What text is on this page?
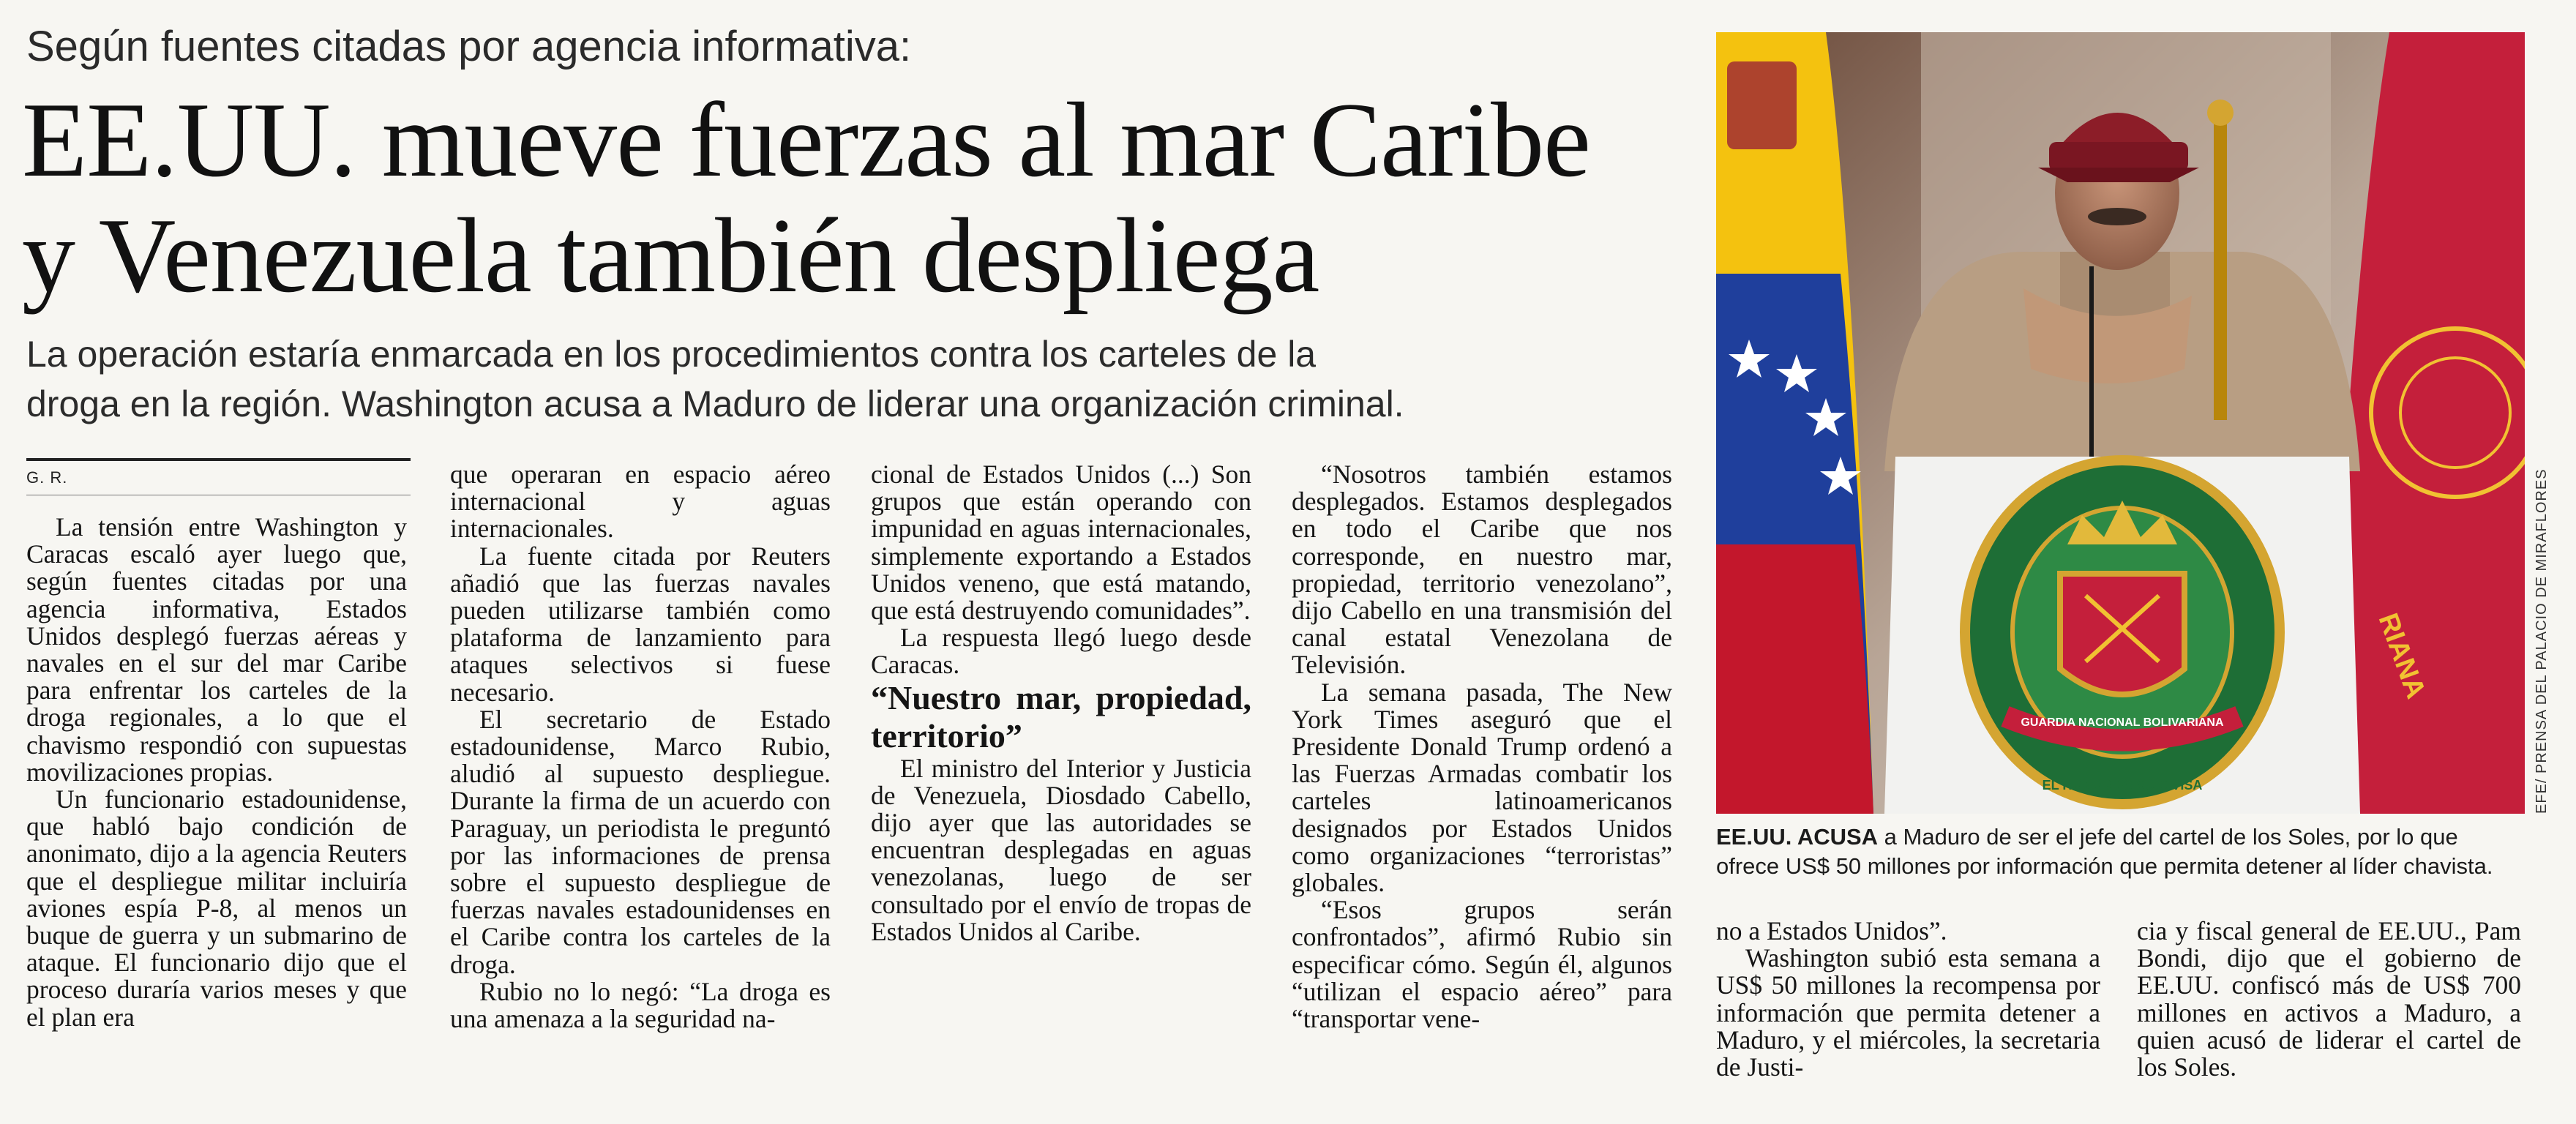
Según fuentes citadas por agencia informativa:
EE.UU. mueve fuerzas al mar Caribe
y Venezuela también despliega
La operación estaría enmarcada en los procedimientos contra los carteles de la
droga en la región. Washington acusa a Maduro de liderar una organización criminal.
G. R.

La tensión entre Washington y Caracas escaló ayer luego que, según fuentes citadas por una agencia informativa, Estados Unidos desplegó fuerzas aéreas y navales en el sur del mar Caribe para enfrentar los carteles de la droga regionales, a lo que el chavismo respondió con supuestas movilizaciones propias.

Un funcionario estadounidense, que habló bajo condición de anonimato, dijo a la agencia Reuters que el despliegue militar incluiría aviones espía P-8, al menos un buque de guerra y un submarino de ataque. El funcionario dijo que el proceso duraría varios meses y que el plan era

que operaran en espacio aéreo internacional y aguas internacionales.

La fuente citada por Reuters añadió que las fuerzas navales pueden utilizarse también como plataforma de lanzamiento para ataques selectivos si fuese necesario.

El secretario de Estado estadounidense, Marco Rubio, aludió al supuesto despliegue. Durante la firma de un acuerdo con Paraguay, un periodista le preguntó por las informaciones de prensa sobre el supuesto despliegue de fuerzas navales estadounidenses en el Caribe contra los carteles de la droga.

Rubio no lo negó: “La droga es una amenaza a la seguridad na-

cional de Estados Unidos (...) Son grupos que están operando con impunidad en aguas internacionales, simplemente exportando a Estados Unidos veneno, que está matando, que está destruyendo comunidades”.

La respuesta llegó luego desde Caracas.

“Nuestro mar, propiedad, territorio”

El ministro del Interior y Justicia de Venezuela, Diosdado Cabello, dijo ayer que las autoridades se encuentran desplegadas en aguas venezolanas, luego de ser consultado por el envío de tropas de Estados Unidos al Caribe.

“Nosotros también estamos desplegados. Estamos desplegados en todo el Caribe que nos corresponde, en nuestro mar, propiedad, territorio venezolano”, dijo Cabello en una transmisión del canal estatal Venezolana de Televisión.

La semana pasada, The New York Times aseguró que el Presidente Donald Trump ordenó a las Fuerzas Armadas combatir los carteles latinoamericanos designados por Estados Unidos como organizaciones “terroristas” globales.

“Esos grupos serán confrontados”, afirmó Rubio sin especificar cómo. Según él, algunos “utilizan el espacio aéreo” para “transportar vene-

no a Estados Unidos”.

Washington subió esta semana a US$ 50 millones la recompensa por información que permita detener a Maduro, y el miércoles, la secretaria de Justi-

cia y fiscal general de EE.UU., Pam Bondi, dijo que el gobierno de EE.UU. confiscó más de US$ 700 millones en activos a Maduro, a quien acusó de liderar el cartel de los Soles.

RIANA
GUARDIA NACIONAL BOLIVARIANA
EL HONOR ES SU DIVISA	EFE/ PRENSA DEL PALACIO DE MIRAFLORES
EE.UU. ACUSA a Maduro de ser el jefe del cartel de los Soles, por lo que ofrece US$ 50 millones por información que permita detener al líder chavista.
